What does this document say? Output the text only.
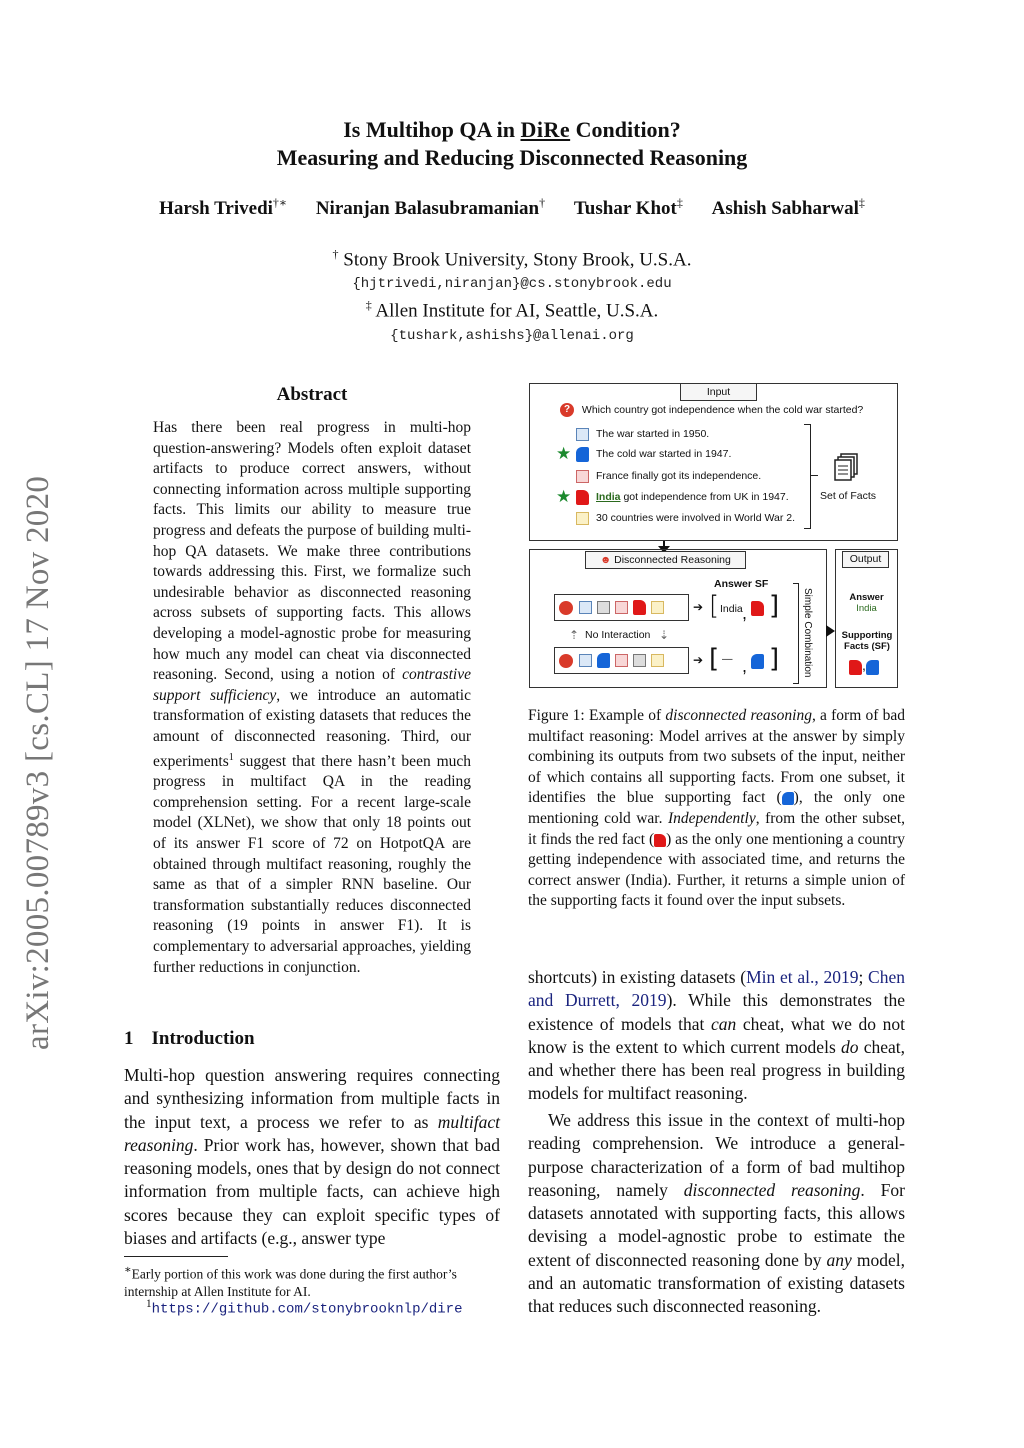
arXiv:2005.00789v3 [cs.CL] 17 Nov 2020
Is Multihop QA in DiRe Condition?
Measuring and Reducing Disconnected Reasoning
Harsh Trivedi†∗ Niranjan Balasubramanian† Tushar Khot‡ Ashish Sabharwal‡
† Stony Brook University, Stony Brook, U.S.A.
{hjtrivedi,niranjan}@cs.stonybrook.edu
‡ Allen Institute for AI, Seattle, U.S.A.
{tushark,ashishs}@allenai.org
Abstract
Has there been real progress in multi-hop question-answering? Models often exploit dataset artifacts to produce correct answers, without connecting information across multiple supporting facts. This limits our ability to measure true progress and defeats the purpose of building multi-hop QA datasets. We make three contributions towards addressing this. First, we formalize such undesirable behavior as disconnected reasoning across subsets of supporting facts. This allows developing a model-agnostic probe for measuring how much any model can cheat via disconnected reasoning. Second, using a notion of contrastive support sufficiency, we introduce an automatic transformation of existing datasets that reduces the amount of disconnected reasoning. Third, our experiments$^1$ suggest that there hasn’t been much progress in multifact QA in the reading comprehension setting. For a recent large-scale model (XLNet), we show that only 18 points out of its answer F1 score of 72 on HotpotQA are obtained through multifact reasoning, roughly the same as that of a simpler RNN baseline. Our transformation substantially reduces disconnected reasoning (19 points in answer F1). It is complementary to adversarial approaches, yielding further reductions in conjunction.
1 Introduction
Multi-hop question answering requires connecting and synthesizing information from multiple facts in the input text, a process we refer to as multifact reasoning. Prior work has, however, shown that bad reasoning models, ones that by design do not connect information from multiple facts, can achieve high scores because they can exploit specific types of biases and artifacts (e.g., answer type
∗Early portion of this work was done during the first author’s internship at Allen Institute for AI.
$^1$https://github.com/stonybrooknlp/dire
Input
? Which country got independence when the cold war started?
The war started in 1950.
★	The cold war started in 1947.
France finally got its independence.
★	India got independence from UK in 1947.
30 countries were involved in World War 2.
Set of Facts
☻ Disconnected Reasoning
Answer SF

➔ [ India , ]
⇡ No Interaction ⇣

➔ [ — , ] Simple Combination
Output
Answer
India
Supporting Facts (SF)
,
Figure 1: Example of disconnected reasoning, a form of bad multifact reasoning: Model arrives at the answer by simply combining its outputs from two subsets of the input, neither of which contains all supporting facts. From one subset, it identifies the blue supporting fact ( ), the only one mentioning cold war. Independently, from the other subset, it finds the red fact ( ) as the only one mentioning a country getting independence with associated time, and returns the correct answer (India). Further, it returns a simple union of the supporting facts it found over the input subsets.
shortcuts) in existing datasets (Min et al., 2019; Chen and Durrett, 2019). While this demonstrates the existence of models that can cheat, what we do not know is the extent to which current models do cheat, and whether there has been real progress in building models for multifact reasoning.
We address this issue in the context of multi-hop reading comprehension. We introduce a general-purpose characterization of a form of bad multihop reasoning, namely disconnected reasoning. For datasets annotated with supporting facts, this allows devising a model-agnostic probe to estimate the extent of disconnected reasoning done by any model, and an automatic transformation of existing datasets that reduces such disconnected reasoning.
